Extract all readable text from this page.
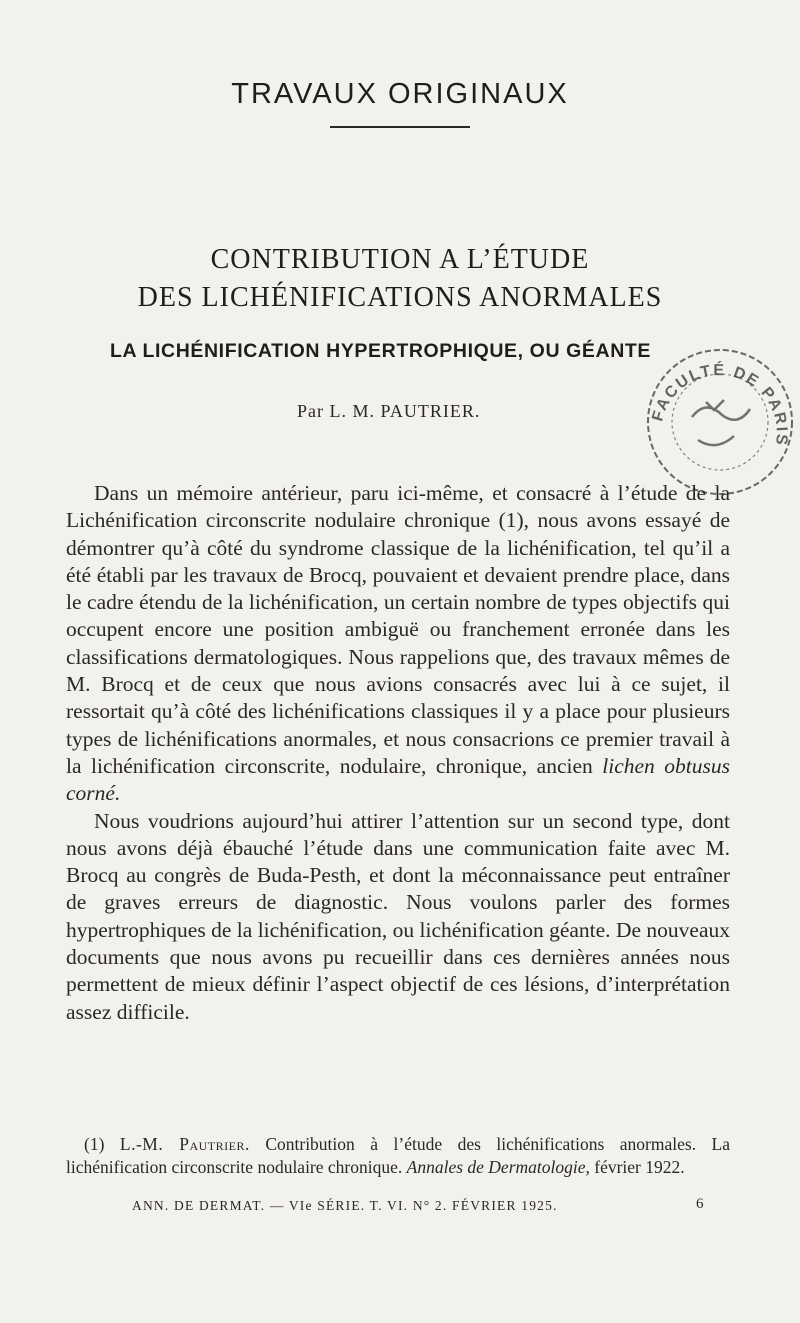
TRAVAUX ORIGINAUX
CONTRIBUTION A L’ÉTUDE
DES LICHÉNIFICATIONS ANORMALES
LA LICHÉNIFICATION HYPERTROPHIQUE, OU GÉANTE

Par L. M. PAUTRIER.	FACULTÉ DE PARIS

Dans un mémoire antérieur, paru ici-même, et consacré à l’étude de la Lichénification circonscrite nodulaire chronique (1), nous avons essayé de démontrer qu’à côté du syndrome classique de la lichénification, tel qu’il a été établi par les travaux de Brocq, pouvaient et devaient prendre place, dans le cadre étendu de la lichénification, un certain nombre de types objectifs qui occupent encore une position ambiguë ou franchement erronée dans les classifications dermatologiques. Nous rappelions que, des travaux mêmes de M. Brocq et de ceux que nous avions consacrés avec lui à ce sujet, il ressortait qu’à côté des lichénifications classiques il y a place pour plusieurs types de lichénifications anormales, et nous consacrions ce premier travail à la lichénification circonscrite, nodulaire, chronique, ancien lichen obtusus corné.

Nous voudrions aujourd’hui attirer l’attention sur un second type, dont nous avons déjà ébauché l’étude dans une communication faite avec M. Brocq au congrès de Buda-Pesth, et dont la méconnaissance peut entraîner de graves erreurs de diagnostic. Nous voulons parler des formes hypertrophiques de la lichénification, ou lichénification géante. De nouveaux documents que nous avons pu recueillir dans ces dernières années nous permettent de mieux définir l’aspect objectif de ces lésions, d’interprétation assez difficile.

(1) L.-M. Pautrier. Contribution à l’étude des lichénifications anormales. La lichénification circonscrite nodulaire chronique. Annales de Dermatologie, février 1922.

ANN. DE DERMAT. — VIe SÉRIE. T. VI. N° 2. FÉVRIER 1925.	6
